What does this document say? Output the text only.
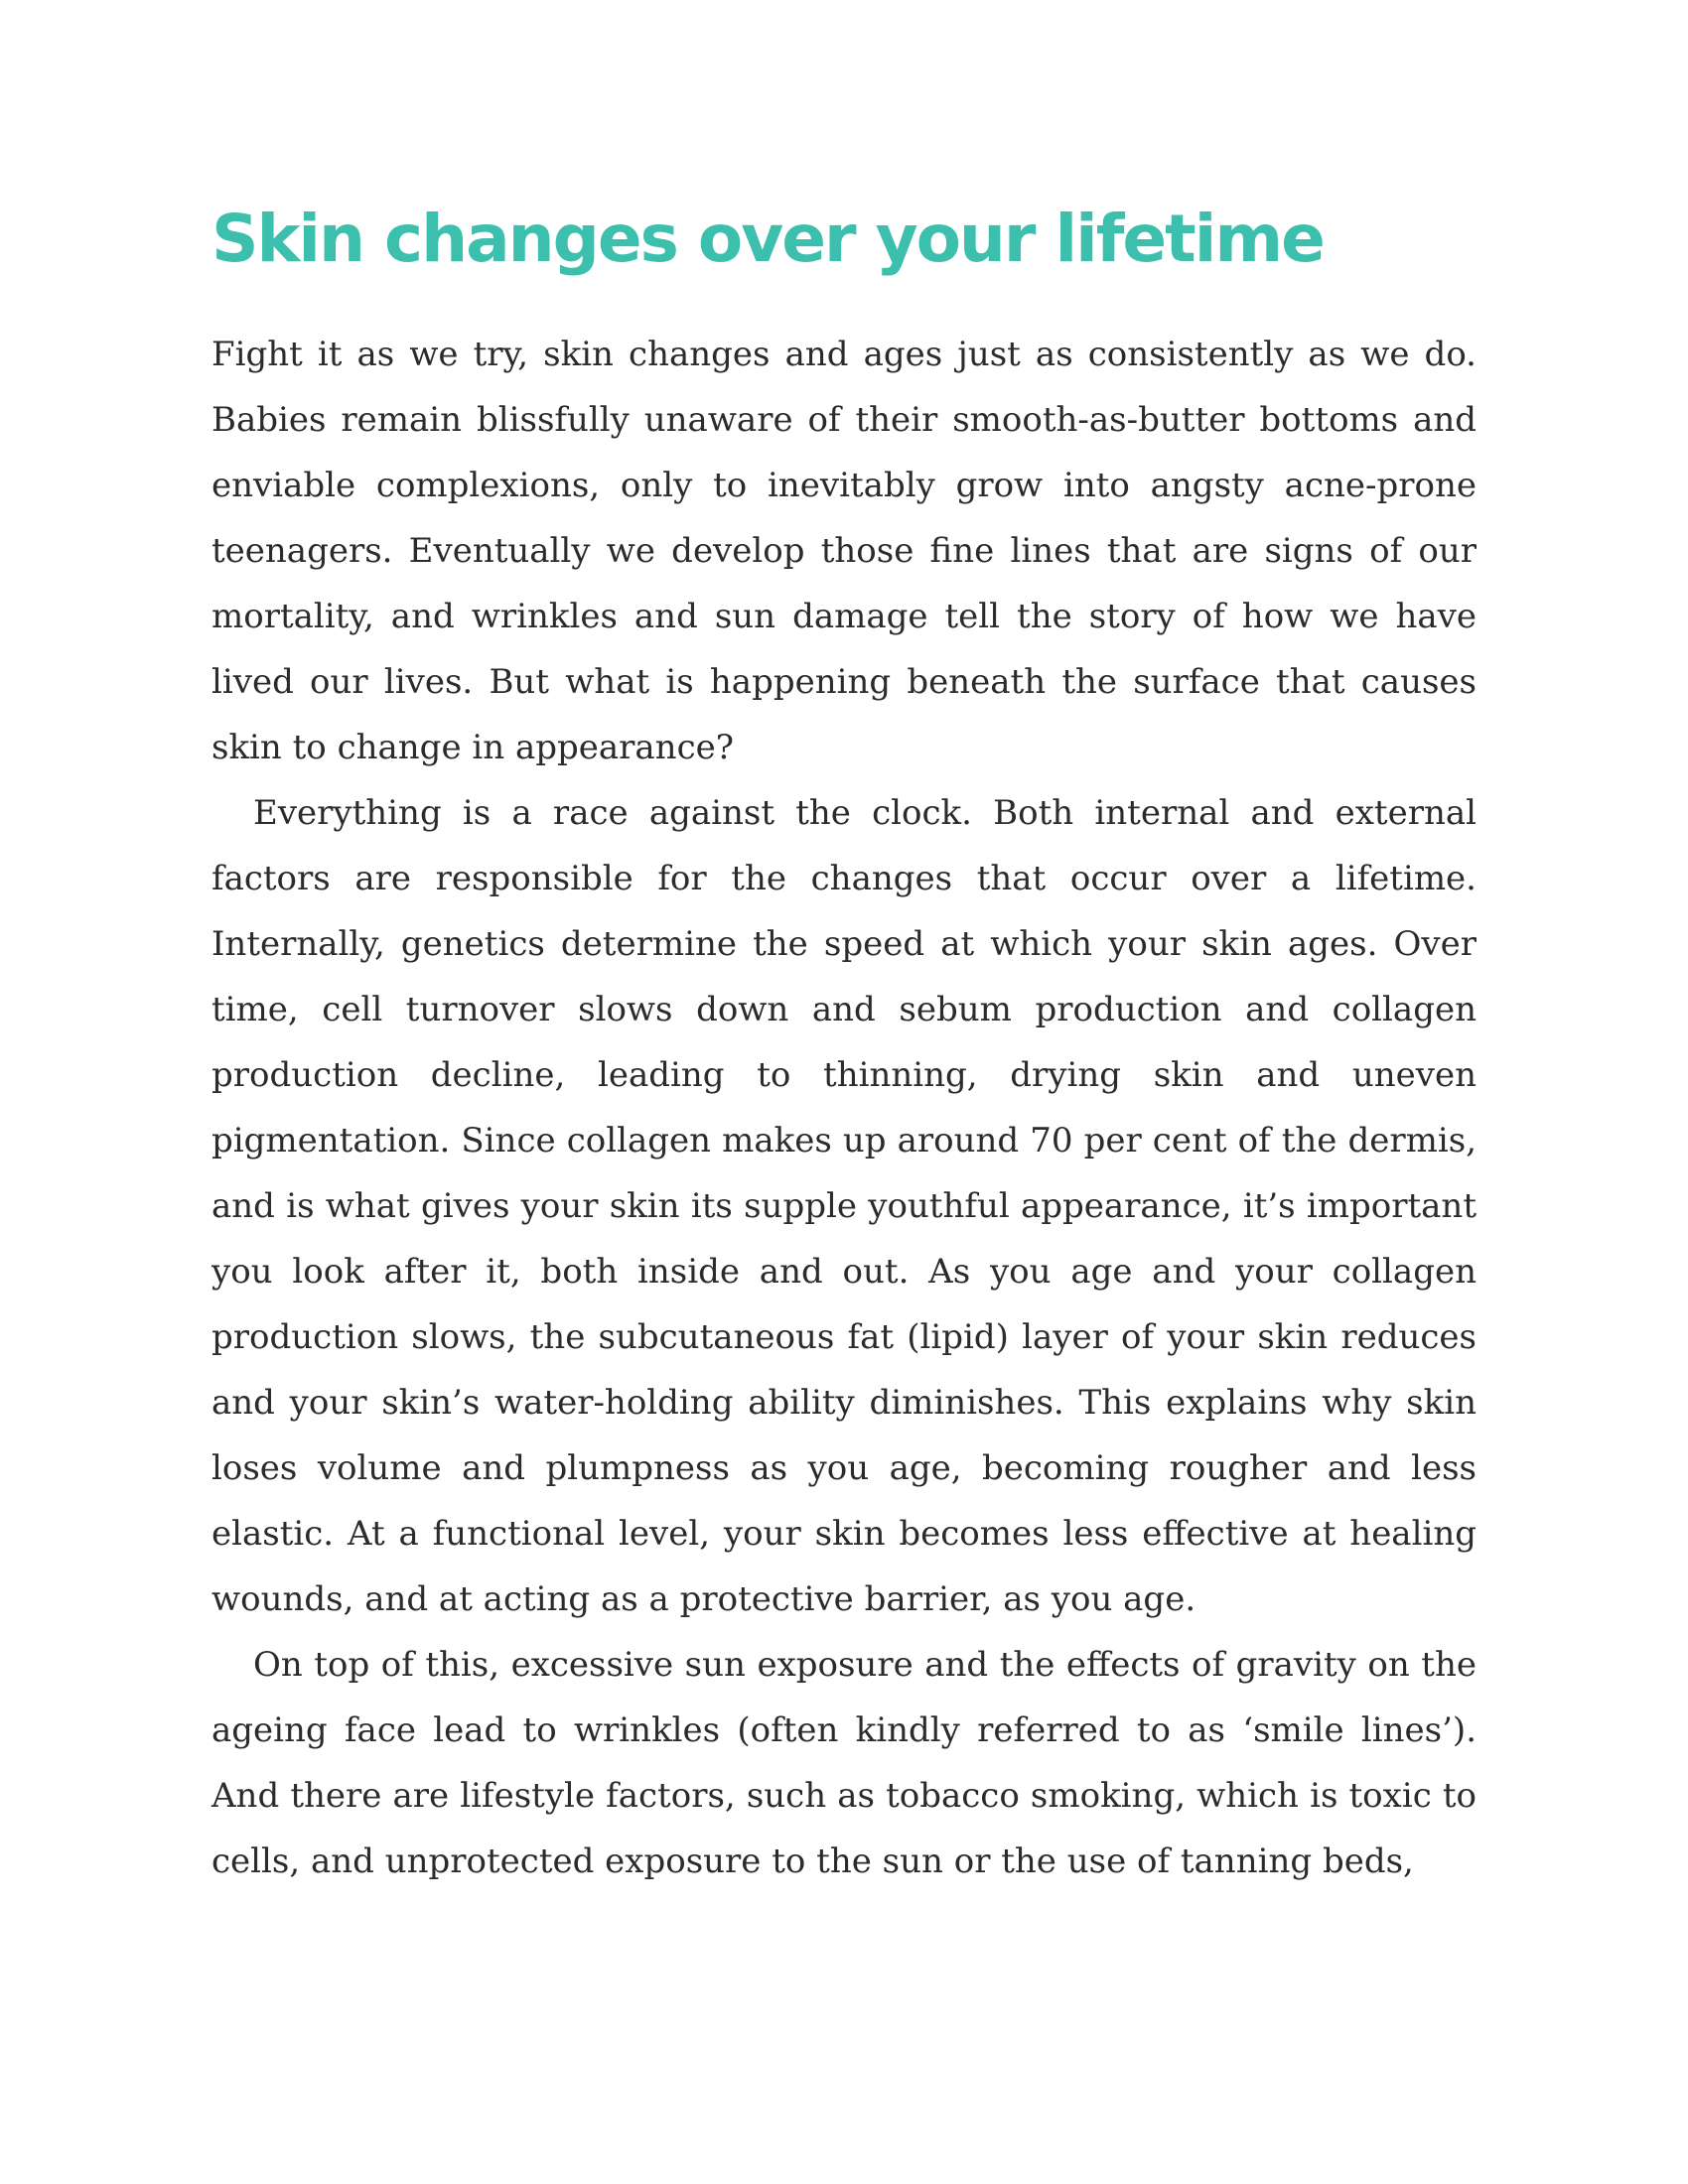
Skin changes over your lifetime

Fight it as we try, skin changes and ages just as consistently as we do. Babies remain blissfully unaware of their smooth-as-butter bottoms and enviable complexions, only to inevitably grow into angsty acne-prone teenagers. Eventually we develop those fine lines that are signs of our mortality, and wrinkles and sun damage tell the story of how we have lived our lives. But what is happening beneath the surface that causes skin to change in appearance?

Everything is a race against the clock. Both internal and external factors are responsible for the changes that occur over a lifetime. Internally, genetics determine the speed at which your skin ages. Over time, cell turnover slows down and sebum production and collagen production decline, leading to thinning, drying skin and uneven pigmentation. Since collagen makes up around 70 per cent of the dermis, and is what gives your skin its supple youthful appearance, it’s important you look after it, both inside and out. As you age and your collagen production slows, the subcutaneous fat (lipid) layer of your skin reduces and your skin’s water-holding ability diminishes. This explains why skin loses volume and plumpness as you age, becoming rougher and less elastic. At a functional level, your skin becomes less effective at healing wounds, and at acting as a protective barrier, as you age.

On top of this, excessive sun exposure and the effects of gravity on the ageing face lead to wrinkles (often kindly referred to as ‘smile lines’). And there are lifestyle factors, such as tobacco smoking, which is toxic to cells, and unprotected exposure to the sun or the use of tanning beds,
